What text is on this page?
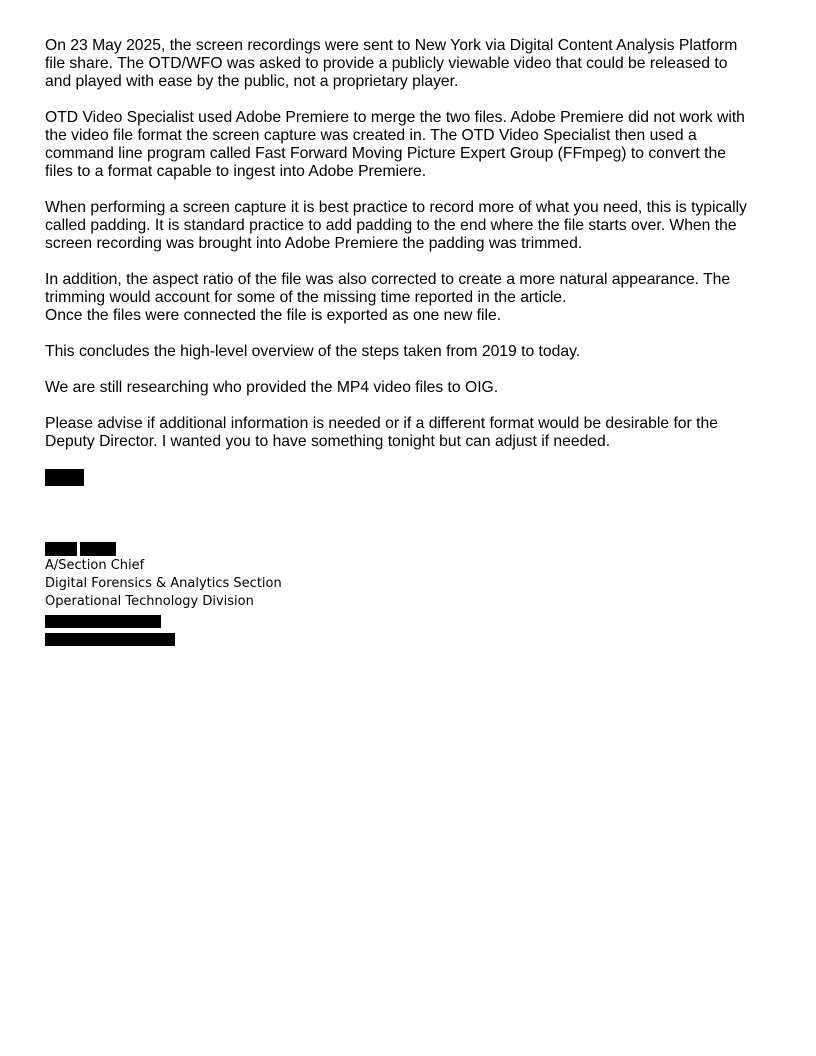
On 23 May 2025, the screen recordings were sent to New York via Digital Content Analysis Platform
file share. The OTD/WFO was asked to provide a publicly viewable video that could be released to
and played with ease by the public, not a proprietary player.

OTD Video Specialist used Adobe Premiere to merge the two files. Adobe Premiere did not work with
the video file format the screen capture was created in. The OTD Video Specialist then used a
command line program called Fast Forward Moving Picture Expert Group (FFmpeg) to convert the
files to a format capable to ingest into Adobe Premiere.

When performing a screen capture it is best practice to record more of what you need, this is typically
called padding. It is standard practice to add padding to the end where the file starts over. When the
screen recording was brought into Adobe Premiere the padding was trimmed.

In addition, the aspect ratio of the file was also corrected to create a more natural appearance. The
trimming would account for some of the missing time reported in the article.
Once the files were connected the file is exported as one new file.

This concludes the high-level overview of the steps taken from 2019 to today.

We are still researching who provided the MP4 video files to OIG.

Please advise if additional information is needed or if a different format would be desirable for the
Deputy Director. I wanted you to have something tonight but can adjust if needed.

A/Section Chief
Digital Forensics & Analytics Section
Operational Technology Division
